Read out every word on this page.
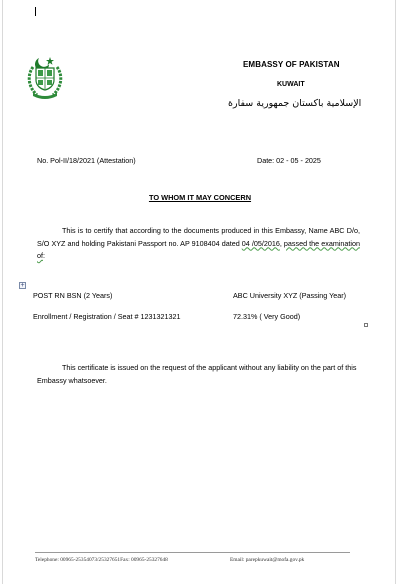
EMBASSY OF PAKISTAN
KUWAIT
الإسلامية باكستان جمهورية سفارة
No. Pol-II/18/2021 (Attestation)	Date: 02 - 05 - 2025
TO WHOM IT MAY CONCERN
This is to certify that according to the documents produced in this Embassy, Name ABC D/o, S/O XYZ and holding Pakistani Passport no. AP 9108404 dated 04 /05/2016, passed the examination of:
+
POST RN BSN (2 Years)	ABC University XYZ (Passing Year)
Enrollment / Registration / Seat # 1231321321	72.31% ( Very Good)
This certificate is issued on the request of the applicant without any liability on the part of this Embassy whatsoever.
Telephone: 00965-25354073/25327651Fax: 00965-25327648	Email: parepkuwait@mofa.gov.pk
